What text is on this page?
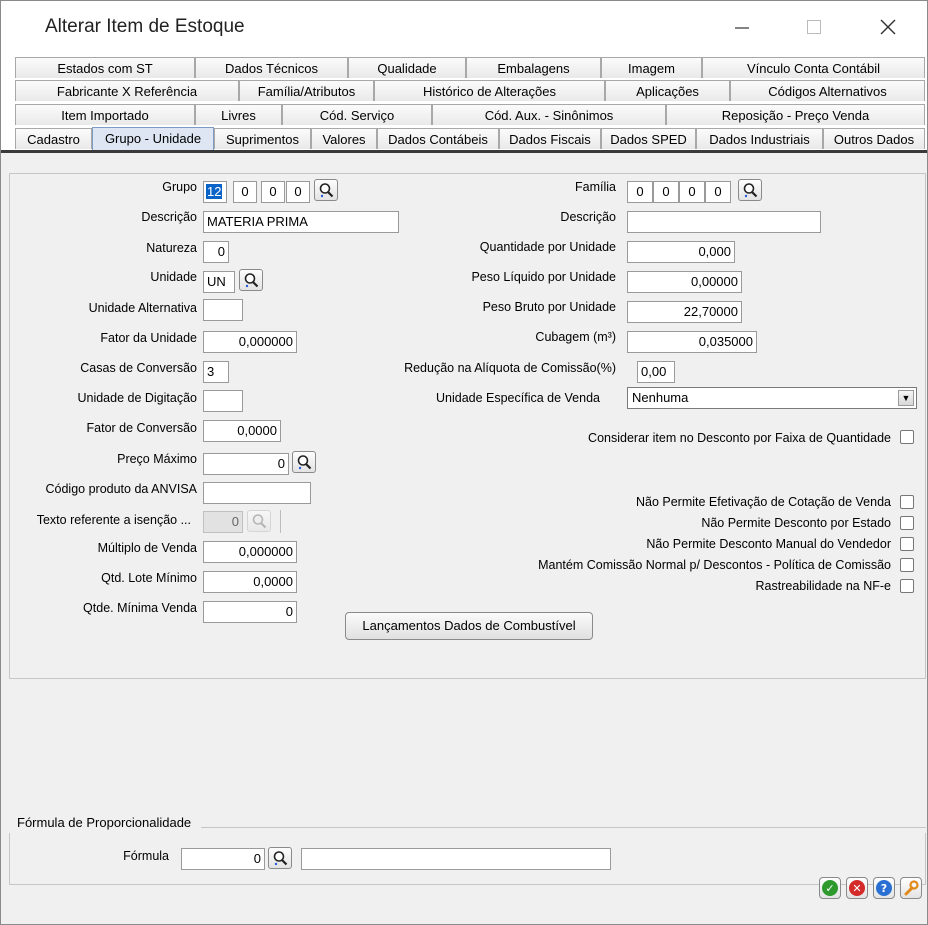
Alterar Item de Estoque
Estados com ST	Dados Técnicos	Qualidade	Embalagens	Imagem	Vínculo Conta Contábil
Fabricante X Referência	Família/Atributos	Histórico de Alterações	Aplicações	Códigos Alternativos
Item Importado	Livres	Cód. Serviço	Cód. Aux. - Sinônimos	Reposição - Preço Venda
Cadastro	Grupo - Unidade	Suprimentos	Valores	Dados Contábeis	Dados Fiscais	Dados SPED	Dados Industriais	Outros Dados
Grupo 12	0	0	0
Descrição MATERIA PRIMA
Natureza	0
Unidade UN
Unidade Alternativa
Fator da Unidade	0,000000
Casas de Conversão 3
Unidade de Digitação
Fator de Conversão	0,0000
Preço Máximo	0
Código produto da ANVISA
Texto referente a isenção ...	0
Múltiplo de Venda	0,000000
Qtd. Lote Mínimo	0,0000
Qtde. Mínima Venda	0
Família	0	0	0	0
Descrição
Quantidade por Unidade	0,000
Peso Líquido por Unidade	0,00000
Peso Bruto por Unidade	22,70000
Cubagem (m³)	0,035000
Redução na Alíquota de Comissão(%)	0,00
Unidade Específica de Venda	Nenhuma	▼
Considerar item no Desconto por Faixa de Quantidade
Não Permite Efetivação de Cotação de Venda
Não Permite Desconto por Estado
Não Permite Desconto Manual do Vendedor
Mantém Comissão Normal p/ Descontos - Política de Comissão
Rastreabilidade na NF-e
Lançamentos Dados de Combustível
Fórmula de Proporcionalidade
Fórmula	0
✓	✕	?
